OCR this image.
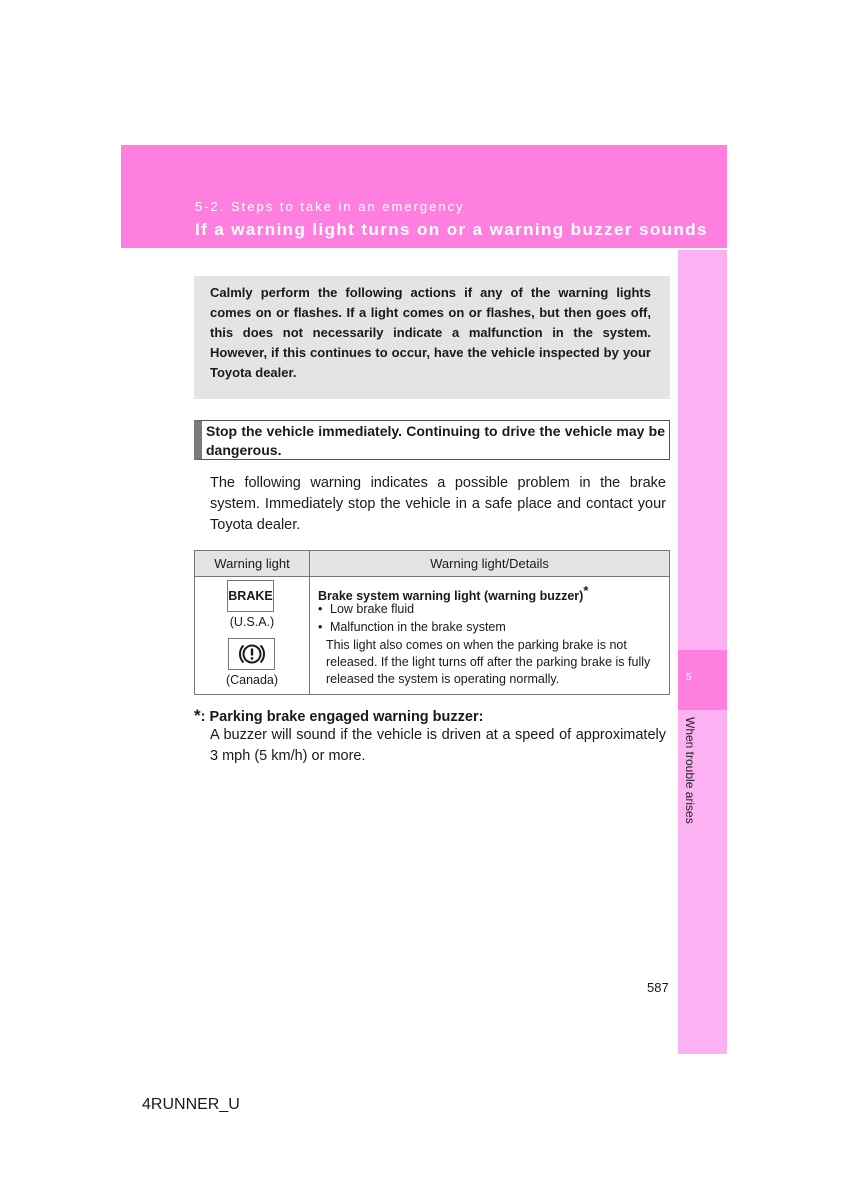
5-2. Steps to take in an emergency
If a warning light turns on or a warning buzzer sounds
5
When trouble arises
Calmly perform the following actions if any of the warning lights comes on or flashes. If a light comes on or flashes, but then goes off, this does not necessarily indicate a malfunction in the system. However, if this continues to occur, have the vehicle inspected by your Toyota dealer.
Stop the vehicle immediately. Continuing to drive the vehicle may be dangerous.
The following warning indicates a possible problem in the brake system. Immediately stop the vehicle in a safe place and contact your Toyota dealer.
Warning light	Warning light/Details
BRAKE
(U.S.A.)
(Canada)
Brake system warning light (warning buzzer)*
• Low brake fluid
• Malfunction in the brake system
This light also comes on when the parking brake is not released. If the light turns off after the parking brake is fully released the system is operating normally.
*: Parking brake engaged warning buzzer:
A buzzer will sound if the vehicle is driven at a speed of approximately 3 mph (5 km/h) or more.
587
4RUNNER_U
